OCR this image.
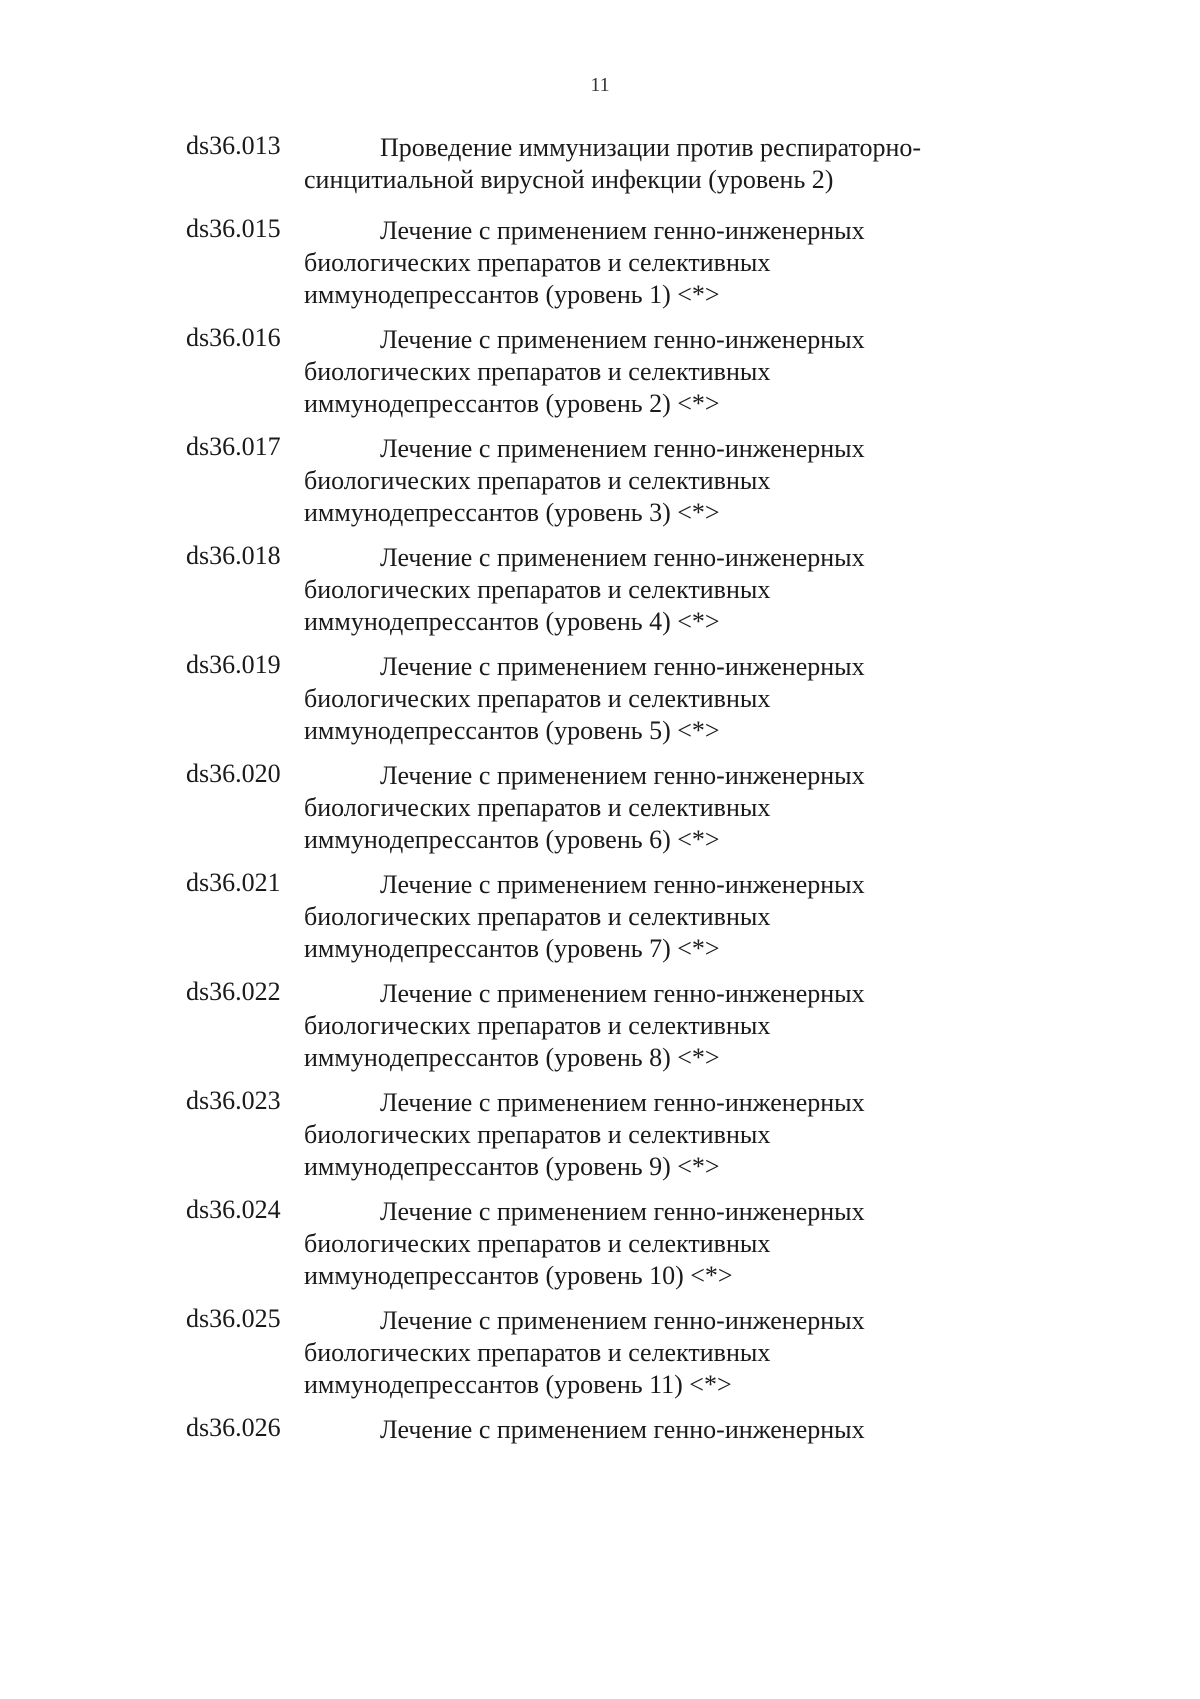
11
ds36.013	Проведение иммунизации против респираторно-
синцитиальной вирусной инфекции (уровень 2)
ds36.015	Лечение с применением генно-инженерных
биологических препаратов и селективных
иммунодепрессантов (уровень 1) <*>
ds36.016	Лечение с применением генно-инженерных
биологических препаратов и селективных
иммунодепрессантов (уровень 2) <*>
ds36.017	Лечение с применением генно-инженерных
биологических препаратов и селективных
иммунодепрессантов (уровень 3) <*>
ds36.018	Лечение с применением генно-инженерных
биологических препаратов и селективных
иммунодепрессантов (уровень 4) <*>
ds36.019	Лечение с применением генно-инженерных
биологических препаратов и селективных
иммунодепрессантов (уровень 5) <*>
ds36.020	Лечение с применением генно-инженерных
биологических препаратов и селективных
иммунодепрессантов (уровень 6) <*>
ds36.021	Лечение с применением генно-инженерных
биологических препаратов и селективных
иммунодепрессантов (уровень 7) <*>
ds36.022	Лечение с применением генно-инженерных
биологических препаратов и селективных
иммунодепрессантов (уровень 8) <*>
ds36.023	Лечение с применением генно-инженерных
биологических препаратов и селективных
иммунодепрессантов (уровень 9) <*>
ds36.024	Лечение с применением генно-инженерных
биологических препаратов и селективных
иммунодепрессантов (уровень 10) <*>
ds36.025	Лечение с применением генно-инженерных
биологических препаратов и селективных
иммунодепрессантов (уровень 11) <*>
ds36.026	Лечение с применением генно-инженерных
